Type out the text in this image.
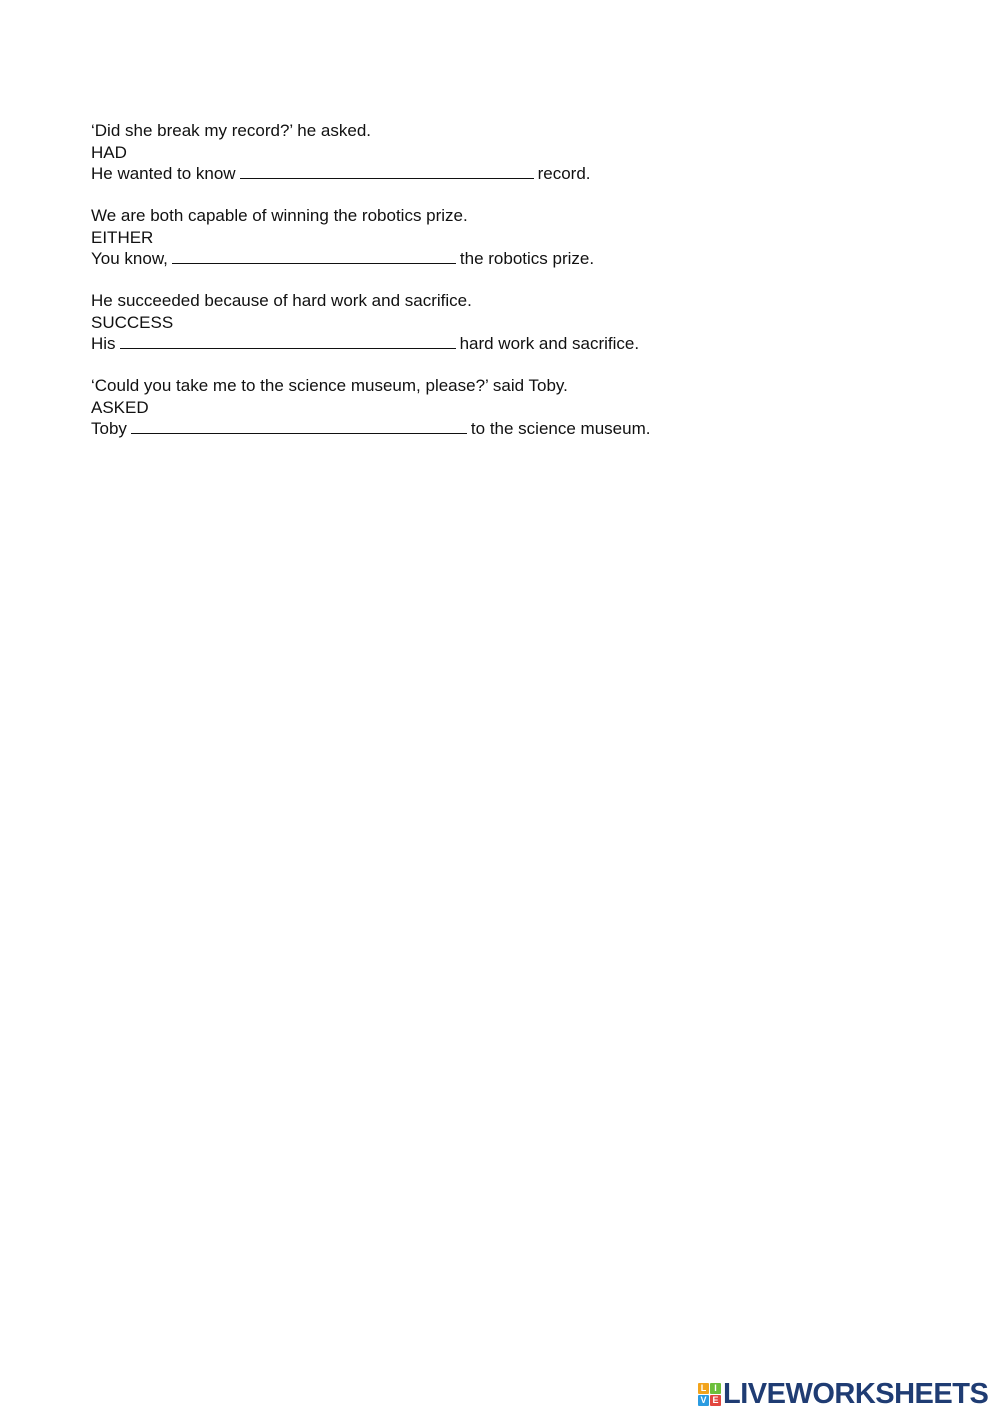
‘Did she break my record?’ he asked.
HAD
He wanted to know	record.
We are both capable of winning the robotics prize.
EITHER
You know,	the robotics prize.
He succeeded because of hard work and sacrifice.
SUCCESS
His	hard work and sacrifice.
‘Could you take me to the science museum, please?’ said Toby.
ASKED
Toby	to the science museum.
L I
V E LIVEWORKSHEETS
